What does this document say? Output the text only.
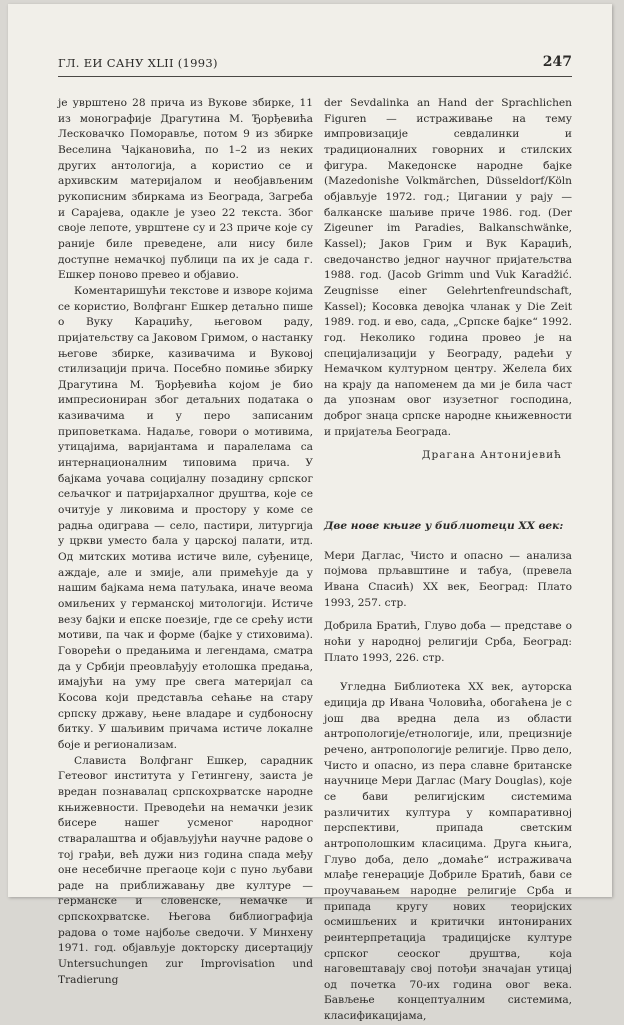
ГЛ. ЕИ САНУ XLII (1993)	247

је уврштено 28 прича из Вукове збирке, 11 из монографије Драгутина М. Ђорђевића Лесковачко Поморавље, потом 9 из збирке Веселина Чајкановића, по 1–2 из неких других антологија, а користио се и архивским материјалом и необјављеним рукописним збиркама из Београда, Загреба и Сарајева, одакле је узео 22 текста. Због својe лепоте, уврштене су и 23 приче које су раније биле преведене, али нису биле доступне немачкој публици па их је сада г. Ешкер поново превео и објавио.

Коментаришући текстове и изворе којима се користио, Волфганг Ешкер детаљно пише о Вуку Караџићу, његовом раду, пријатељству са Јаковом Гримом, о настанку његове збирке, казивачима и Вуковој стилизацији прича. Посебно помиње збирку Драгутина М. Ђорђевића којом је био импресиониран због детаљних података о казивачима и у перо записаним приповеткама. Надаље, говори о мотивима, утицајима, варијантама и паралелама са интернационалним типовима прича. У бајкама уочава социјалну позадину српског сељачког и патријархалног друштва, које се очитује у ликовима и простору у коме се радња одиграва — село, пастири, литургија у цркви уместо бала у царској палати, итд. Од митских мотива истиче виле, суђенице, аждаје, але и змије, али примећује да у нашим бајкама нема патуљака, иначе веома омиљених у германској митологији. Истиче везу бајки и епске поезије, где се срећу исти мотиви, па чак и форме (бајке у стиховима). Говорећи о предањима и легендама, сматра да у Србији преовлађују етолошка предања, имајући на уму пре свега материјал са Косова који представља сећање на стару српску државу, њене владаре и судбоносну битку. У шаљивим причама истиче локалне боје и регионализам.

Слависта Волфганг Ешкер, сарадник Гетеовог института у Гетингену, заиста је вредан познавалац српскохрватске народне књижевности. Преводећи на немачки језик бисере нашег усменог народног стваралаштва и објављујући научне радове о тој грађи, већ дужи низ година спада међу оне несебичне прегаоце који с пуно љубави раде на приближавању две културе — германске и словенске, немачке и српскохрватске. Његова библиографија радова о томе најбоље сведочи. У Минхену 1971. год. објављује докторску дисертацију Untersuchungen zur Improvisation und Tradierung

der Sevdalinka an Hand der Sprachlichen Figuren — истраживање на тему импровизације севдалинки и традиционалних говорних и стилских фигура. Македонске народне бајке (Mazedonishe Volkmärchen, Düsseldorf/Köln објављује 1972. год.; Цигании у рају — балканске шаљиве приче 1986. год. (Der Zigeuner im Paradies, Balkanschwänke, Kassel); Јаков Грим и Вук Караџић, сведочанство једног научног пријатељства 1988. год. (Jacob Grimm und Vuk Karadžić. Zeugnisse einer Gelehrtenfreundschaft, Kassel); Косовка девојка чланак у Die Zeit 1989. год. и ево, сада, „Српске бајке“ 1992. год. Неколико година провео је на специјализацији у Београду, радећи у Немачком културном центру. Желела бих на крају да напоменем да ми је била част да упознам овог изузетног господина, доброг знаца српске народне књижевности и пријатеља Београда.

Драгана Антонијевић

Две нове књиге у библиотеци XX век:

Мери Даглас, Чисто и опасно — анализа појмова прљавштине и табуа, (превела Ивана Спасић) XX век, Београд: Плато 1993, 257. стр.

Добрила Братић, Глуво доба — представе о ноћи у народној религији Срба, Београд: Плато 1993, 226. стр.

Угледна Библиотека XX век, ауторска едиција др Ивана Чоловића, обогаћена је с још два вредна дела из области антропологије/етнологије, или, прецизније речено, антропологије религије. Прво дело, Чисто и опасно, из пера славне британске научнице Мери Даглас (Mary Douglas), које се бави религијским системима различитих култура у компаративној перспективи, припада светским антрополошким класицима. Друга књига, Глуво доба, дело „домаће“ истраживача млађе генерације Добриле Братић, бави се проучавањем народне религије Срба и припада кругу нових теоријских осмишљених и критички интонираних реинтерпретација традицијске културе српског сеоског друштва, која наговештавају свој потођи значајан утицај од почетка 70-их година овог века. Бављење концептуалним системима, класификацијама,
